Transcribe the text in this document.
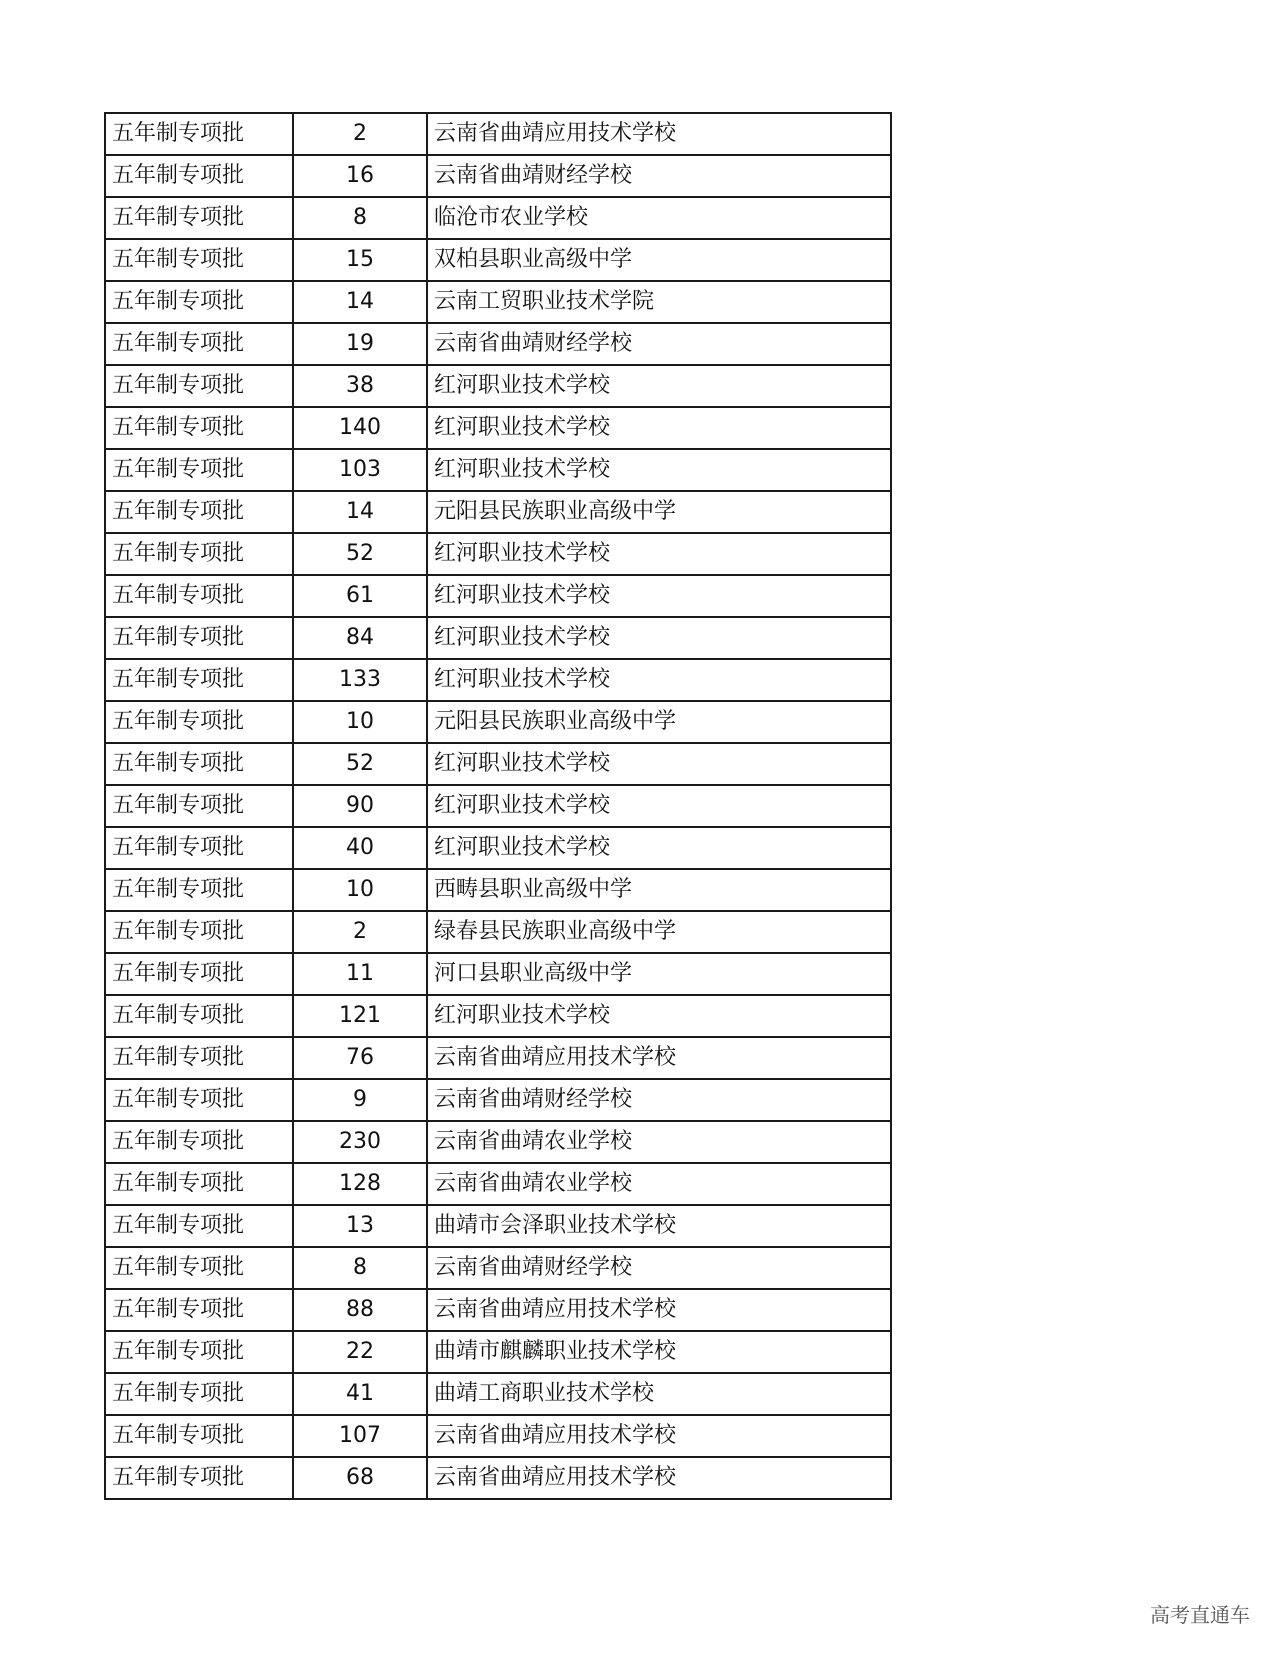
五年制专项批	2	云南省曲靖应用技术学校
五年制专项批	16	云南省曲靖财经学校
五年制专项批	8	临沧市农业学校
五年制专项批	15	双柏县职业高级中学
五年制专项批	14	云南工贸职业技术学院
五年制专项批	19	云南省曲靖财经学校
五年制专项批	38	红河职业技术学校
五年制专项批	140	红河职业技术学校
五年制专项批	103	红河职业技术学校
五年制专项批	14	元阳县民族职业高级中学
五年制专项批	52	红河职业技术学校
五年制专项批	61	红河职业技术学校
五年制专项批	84	红河职业技术学校
五年制专项批	133	红河职业技术学校
五年制专项批	10	元阳县民族职业高级中学
五年制专项批	52	红河职业技术学校
五年制专项批	90	红河职业技术学校
五年制专项批	40	红河职业技术学校
五年制专项批	10	西畴县职业高级中学
五年制专项批	2	绿春县民族职业高级中学
五年制专项批	11	河口县职业高级中学
五年制专项批	121	红河职业技术学校
五年制专项批	76	云南省曲靖应用技术学校
五年制专项批	9	云南省曲靖财经学校
五年制专项批	230	云南省曲靖农业学校
五年制专项批	128	云南省曲靖农业学校
五年制专项批	13	曲靖市会泽职业技术学校
五年制专项批	8	云南省曲靖财经学校
五年制专项批	88	云南省曲靖应用技术学校
五年制专项批	22	曲靖市麒麟职业技术学校
五年制专项批	41	曲靖工商职业技术学校
五年制专项批	107	云南省曲靖应用技术学校
五年制专项批	68	云南省曲靖应用技术学校
高考直通车
